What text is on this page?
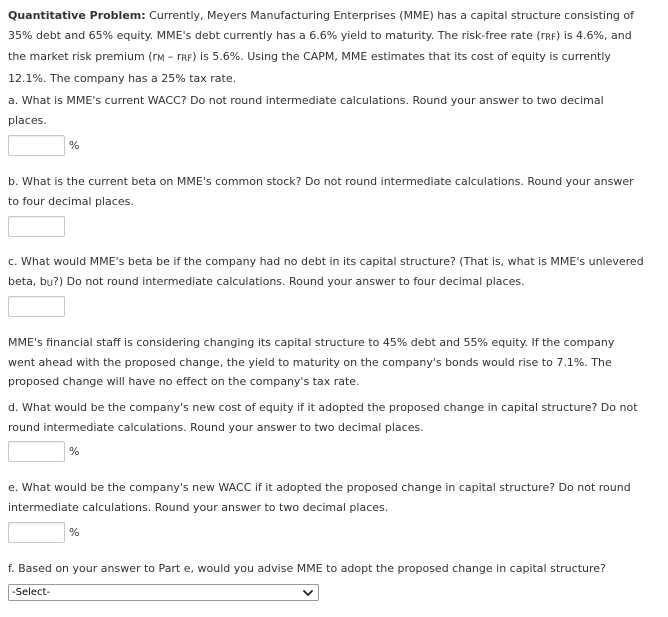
Quantitative Problem: Currently, Meyers Manufacturing Enterprises (MME) has a capital structure consisting of
35% debt and 65% equity. MME's debt currently has a 6.6% yield to maturity. The risk-free rate (rRF) is 4.6%, and
the market risk premium (rM – rRF) is 5.6%. Using the CAPM, MME estimates that its cost of equity is currently
12.1%. The company has a 25% tax rate.

a. What is MME's current WACC? Do not round intermediate calculations. Round your answer to two decimal
places.

%

b. What is the current beta on MME's common stock? Do not round intermediate calculations. Round your answer
to four decimal places.

c. What would MME's beta be if the company had no debt in its capital structure? (That is, what is MME's unlevered
beta, bU?) Do not round intermediate calculations. Round your answer to four decimal places.

MME's financial staff is considering changing its capital structure to 45% debt and 55% equity. If the company
went ahead with the proposed change, the yield to maturity on the company's bonds would rise to 7.1%. The
proposed change will have no effect on the company's tax rate.

d. What would be the company's new cost of equity if it adopted the proposed change in capital structure? Do not
round intermediate calculations. Round your answer to two decimal places.

%

e. What would be the company's new WACC if it adopted the proposed change in capital structure? Do not round
intermediate calculations. Round your answer to two decimal places.

%

f. Based on your answer to Part e, would you advise MME to adopt the proposed change in capital structure?

-Select-
